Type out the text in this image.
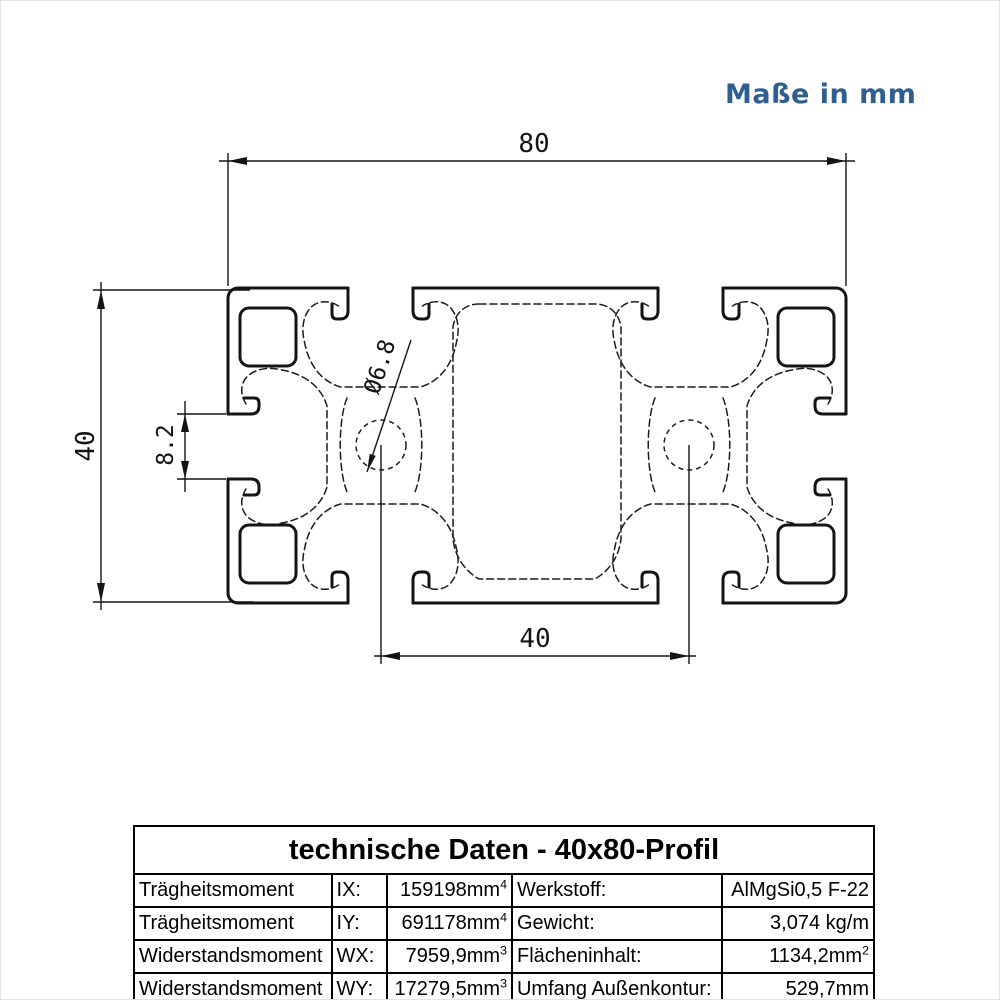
80
40 8.2
Ø6.8
40
Maße in mm
technische Daten - 40x80-Profil				
Trägheitsmoment	IX:	$159198mm^4$	Werkstoff:	AlMgSi0,5 F-22
Trägheitsmoment	IY:	$691178mm^4$	Gewicht:	3,074 kg/m
Widerstandsmoment	WX:	$7959,9mm^3$	Flächeninhalt:	$1134,2mm^2$
Widerstandsmoment	WY:	$17279,5mm^3$	Umfang Außenkontur:	529,7mm
